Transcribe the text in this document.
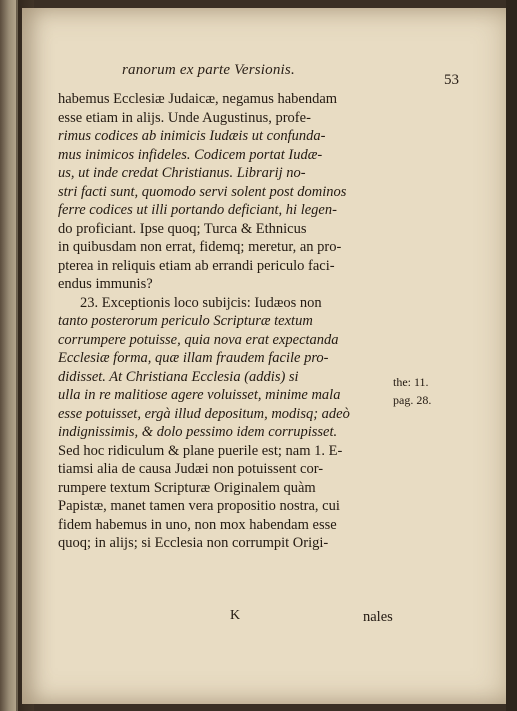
ranorum ex parte Versionis.
53
habemus Ecclesiæ Judaicæ, negamus habendam
esse etiam in alijs. Unde Augustinus, profe-
rimus codices ab inimicis Iudæis ut confunda-
mus inimicos infideles. Codicem portat Iudæ-
us, ut inde credat Christianus. Librarij no-
stri facti sunt, quomodo servi solent post dominos
ferre codices ut illi portando deficiant, hi legen-
do proficiant. Ipse quoq; Turca & Ethnicus
in quibusdam non errat, fidemq; meretur, an pro-
pterea in reliquis etiam ab errandi periculo faci-
endus immunis?
23. Exceptionis loco subijcis: Iudæos non
tanto posterorum periculo Scripturæ textum
corrumpere potuisse, quia nova erat expectanda
Ecclesiæ forma, quæ illam fraudem facile pro-
didisset. At Christiana Ecclesia (addis) si
ulla in re malitiose agere voluisset, minime mala
esse potuisset, ergà illud depositum, modisq; adeò
indignissimis, & dolo pessimo idem corrupisset.
Sed hoc ridiculum & plane puerile est; nam 1. E-
tiamsi alia de causa Judæi non potuissent cor-
rumpere textum Scripturæ Originalem quàm
Papistæ, manet tamen vera propositio nostra, cui
fidem habemus in uno, non mox habendam esse
quoq; in alijs; si Ecclesia non corrumpit Origi-
the: 11.
pag. 28.
K	nales
